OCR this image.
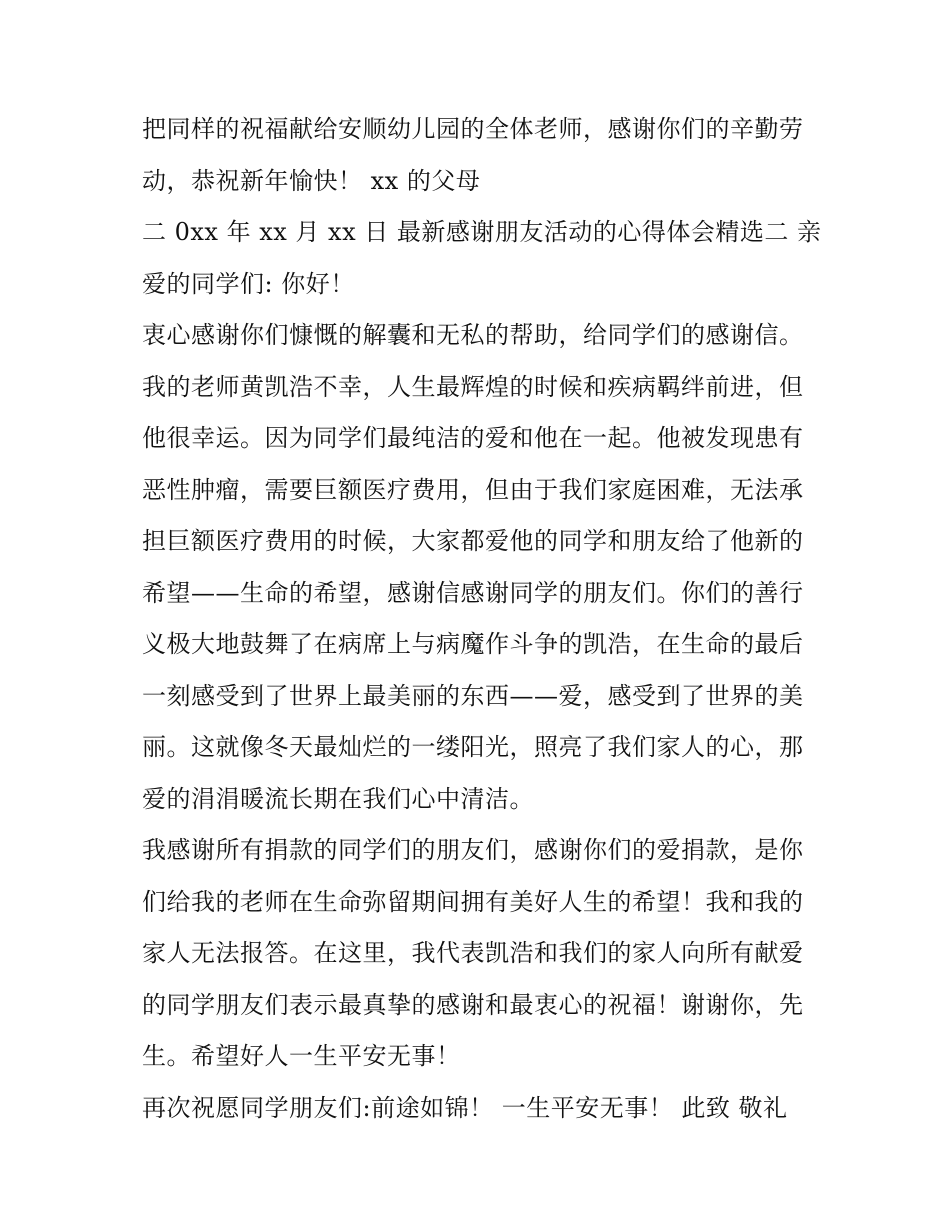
把同样的祝福献给安顺幼儿园的全体老师，感谢你们的辛勤劳
动，恭祝新年愉快！ xx 的父母
二 0xx 年 xx 月 xx 日 最新感谢朋友活动的心得体会精选二 亲
爱的同学们: 你好！
衷心感谢你们慷慨的解囊和无私的帮助，给同学们的感谢信。
我的老师黄凯浩不幸，人生最辉煌的时候和疾病羁绊前进，但
他很幸运。因为同学们最纯洁的爱和他在一起。他被发现患有
恶性肿瘤，需要巨额医疗费用，但由于我们家庭困难，无法承
担巨额医疗费用的时候，大家都爱他的同学和朋友给了他新的
希望——生命的希望，感谢信感谢同学的朋友们。你们的善行
义极大地鼓舞了在病席上与病魔作斗争的凯浩，在生命的最后
一刻感受到了世界上最美丽的东西——爱，感受到了世界的美
丽。这就像冬天最灿烂的一缕阳光，照亮了我们家人的心，那
爱的涓涓暖流长期在我们心中清洁。
我感谢所有捐款的同学们的朋友们，感谢你们的爱捐款，是你
们给我的老师在生命弥留期间拥有美好人生的希望！我和我的
家人无法报答。在这里，我代表凯浩和我们的家人向所有献爱
的同学朋友们表示最真挚的感谢和最衷心的祝福！谢谢你，先
生。希望好人一生平安无事！
再次祝愿同学朋友们:前途如锦！ 一生平安无事！ 此致 敬礼
